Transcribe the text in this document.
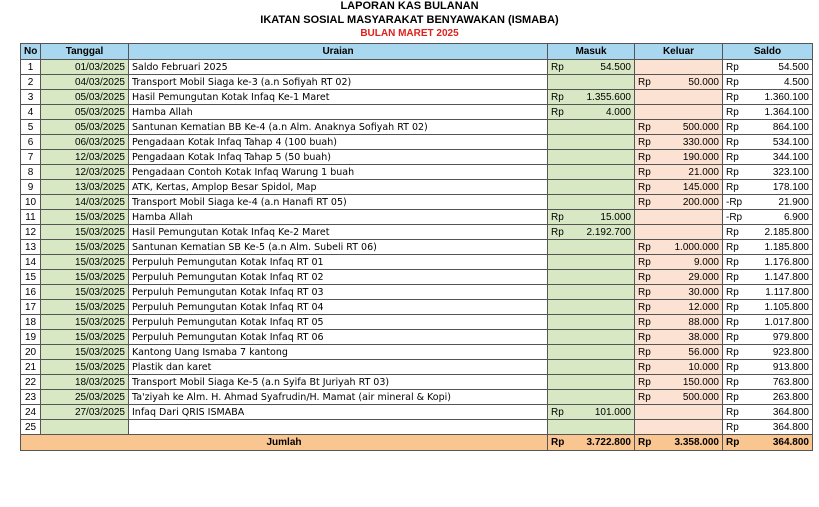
LAPORAN KAS BULANAN
IKATAN SOSIAL MASYARAKAT BENYAWAKAN (ISMABA)
BULAN MARET 2025
No	Tanggal	Uraian	Masuk	Keluar	Saldo
1	01/03/2025	Saldo Februari 2025	Rp 54.500		Rp 54.500

2	04/03/2025	Transport Mobil Siaga ke-3 (a.n Sofiyah RT 02)		Rp 50.000	Rp 4.500

3	05/03/2025	Hasil Pemungutan Kotak Infaq Ke-1 Maret	Rp 1.355.600		Rp 1.360.100

4	05/03/2025	Hamba Allah	Rp 4.000		Rp 1.364.100

5	05/03/2025	Santunan Kematian BB Ke-4 (a.n Alm. Anaknya Sofiyah RT 02)		Rp 500.000	Rp 864.100

6	06/03/2025	Pengadaan Kotak Infaq Tahap 4 (100 buah)		Rp 330.000	Rp 534.100

7	12/03/2025	Pengadaan Kotak Infaq Tahap 5 (50 buah)		Rp 190.000	Rp 344.100

8	12/03/2025	Pengadaan Contoh Kotak Infaq Warung 1 buah		Rp 21.000	Rp 323.100

9	13/03/2025	ATK, Kertas, Amplop Besar Spidol, Map		Rp 145.000	Rp 178.100

10	14/03/2025	Transport Mobil Siaga ke-4 (a.n Hanafi RT 05)		Rp 200.000	-Rp 21.900

11	15/03/2025	Hamba Allah	Rp 15.000		-Rp 6.900

12	15/03/2025	Hasil Pemungutan Kotak Infaq Ke-2 Maret	Rp 2.192.700		Rp 2.185.800

13	15/03/2025	Santunan Kematian SB Ke-5 (a.n Alm. Subeli RT 06)		Rp 1.000.000	Rp 1.185.800

14	15/03/2025	Perpuluh Pemungutan Kotak Infaq RT 01		Rp 9.000	Rp 1.176.800

15	15/03/2025	Perpuluh Pemungutan Kotak Infaq RT 02		Rp 29.000	Rp 1.147.800

16	15/03/2025	Perpuluh Pemungutan Kotak Infaq RT 03		Rp 30.000	Rp 1.117.800

17	15/03/2025	Perpuluh Pemungutan Kotak Infaq RT 04		Rp 12.000	Rp 1.105.800

18	15/03/2025	Perpuluh Pemungutan Kotak Infaq RT 05		Rp 88.000	Rp 1.017.800

19	15/03/2025	Perpuluh Pemungutan Kotak Infaq RT 06		Rp 38.000	Rp 979.800

20	15/03/2025	Kantong Uang Ismaba 7 kantong		Rp 56.000	Rp 923.800

21	15/03/2025	Plastik dan karet		Rp 10.000	Rp 913.800

22	18/03/2025	Transport Mobil Siaga Ke-5 (a.n Syifa Bt Juriyah RT 03)		Rp 150.000	Rp 763.800

23	25/03/2025	Ta'ziyah ke Alm. H. Ahmad Syafrudin/H. Mamat (air mineral & Kopi)		Rp 500.000	Rp 263.800

24	27/03/2025	Infaq Dari QRIS ISMABA	Rp 101.000		Rp 364.800

25					Rp 364.800

Jumlah			Rp 3.722.800	Rp 3.358.000	Rp 364.800
